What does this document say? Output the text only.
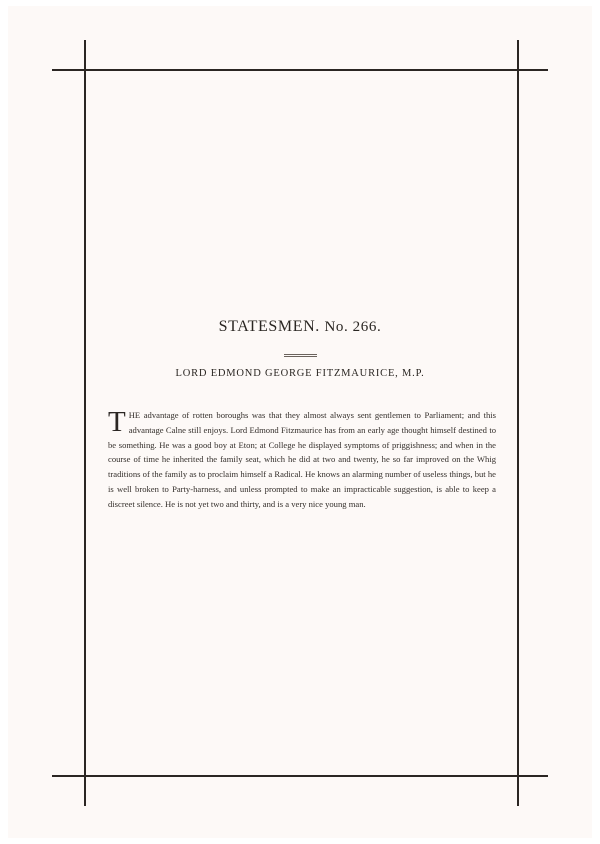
STATESMEN. No. 266.
LORD EDMOND GEORGE FITZMAURICE, M.P.

THE advantage of rotten boroughs was that they almost always sent gentlemen to Parliament; and this advantage Calne still enjoys. Lord Edmond Fitzmaurice has from an early age thought himself destined to be something. He was a good boy at Eton; at College he displayed symptoms of priggishness; and when in the course of time he inherited the family seat, which he did at two and twenty, he so far improved on the Whig traditions of the family as to proclaim himself a Radical. He knows an alarming number of useless things, but he is well broken to Party-harness, and unless prompted to make an impracticable suggestion, is able to keep a discreet silence. He is not yet two and thirty, and is a very nice young man.
